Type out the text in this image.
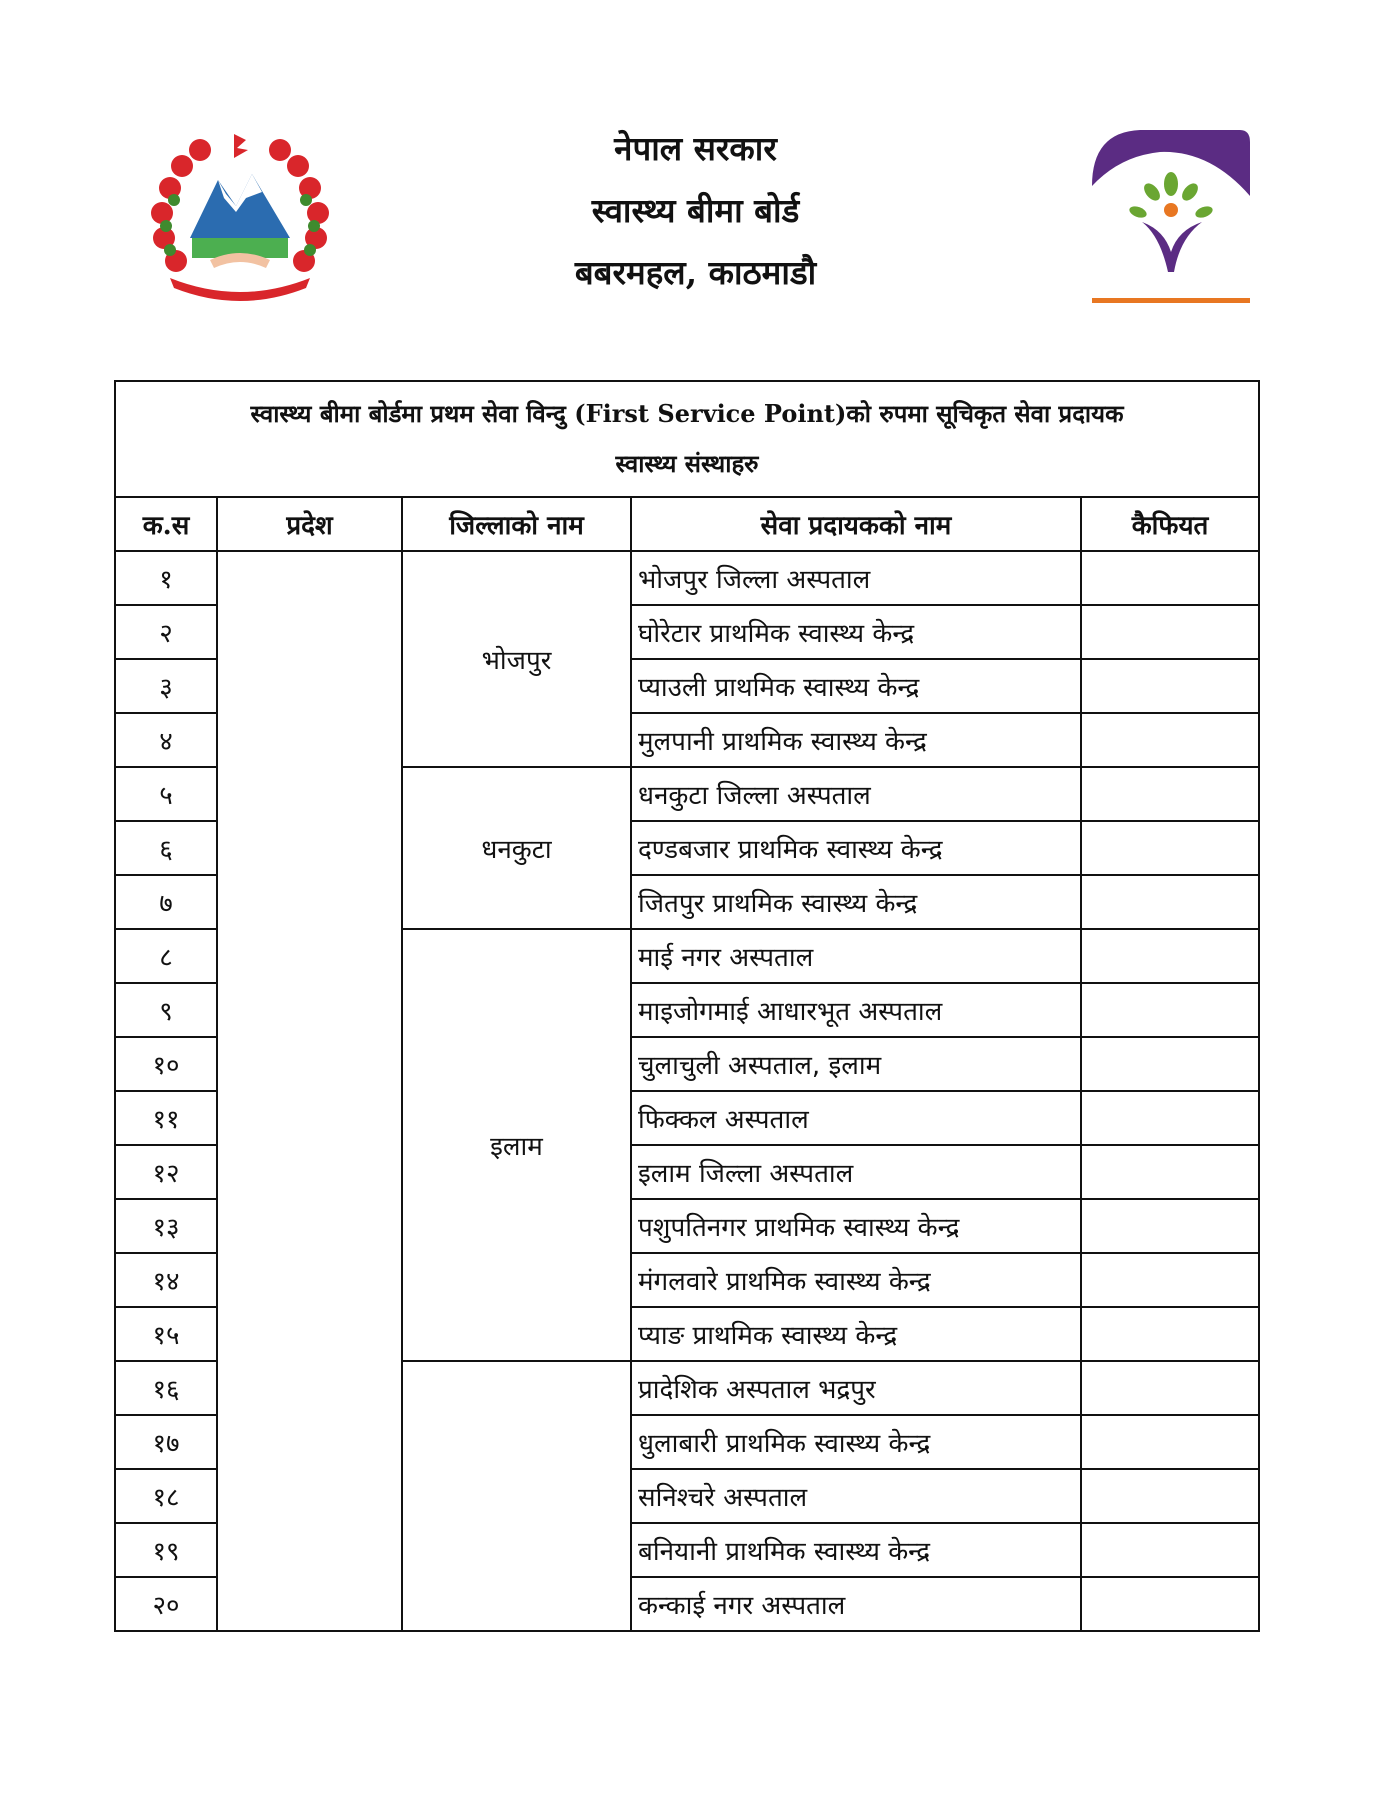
नेपाल सरकार
स्वास्थ्य बीमा बोर्ड
बबरमहल, काठमाडौ
स्वास्थ्य बीमा बोर्डमा प्रथम सेवा विन्दु (First Service Point)को रुपमा सूचिकृत सेवा प्रदायक
स्वास्थ्य संस्थाहरु				

क.स	प्रदेश	जिल्लाको नाम	सेवा प्रदायकको नाम	कैफियत
१		भोजपुर	भोजपुर जिल्ला अस्पताल	
२			घोरेटार प्राथमिक स्वास्थ्य केन्द्र	
३			प्याउली प्राथमिक स्वास्थ्य केन्द्र	
४			मुलपानी प्राथमिक स्वास्थ्य केन्द्र	
५		धनकुटा	धनकुटा जिल्ला अस्पताल	
६			दण्डबजार प्राथमिक स्वास्थ्य केन्द्र	
७			जितपुर प्राथमिक स्वास्थ्य केन्द्र	
८		इलाम	माई नगर अस्पताल	
९			माइजोगमाई आधारभूत अस्पताल	
१०			चुलाचुली अस्पताल, इलाम	
११			फिक्कल अस्पताल	
१२			इलाम जिल्ला अस्पताल	
१३			पशुपतिनगर प्राथमिक स्वास्थ्य केन्द्र	
१४			मंगलवारे प्राथमिक स्वास्थ्य केन्द्र	
१५			प्याङ प्राथमिक स्वास्थ्य केन्द्र	
१६			प्रादेशिक अस्पताल भद्रपुर	
१७			धुलाबारी प्राथमिक स्वास्थ्य केन्द्र	
१८			सनिश्चरे अस्पताल	
१९			बनियानी प्राथमिक स्वास्थ्य केन्द्र	
२०			कन्काई नगर अस्पताल	
